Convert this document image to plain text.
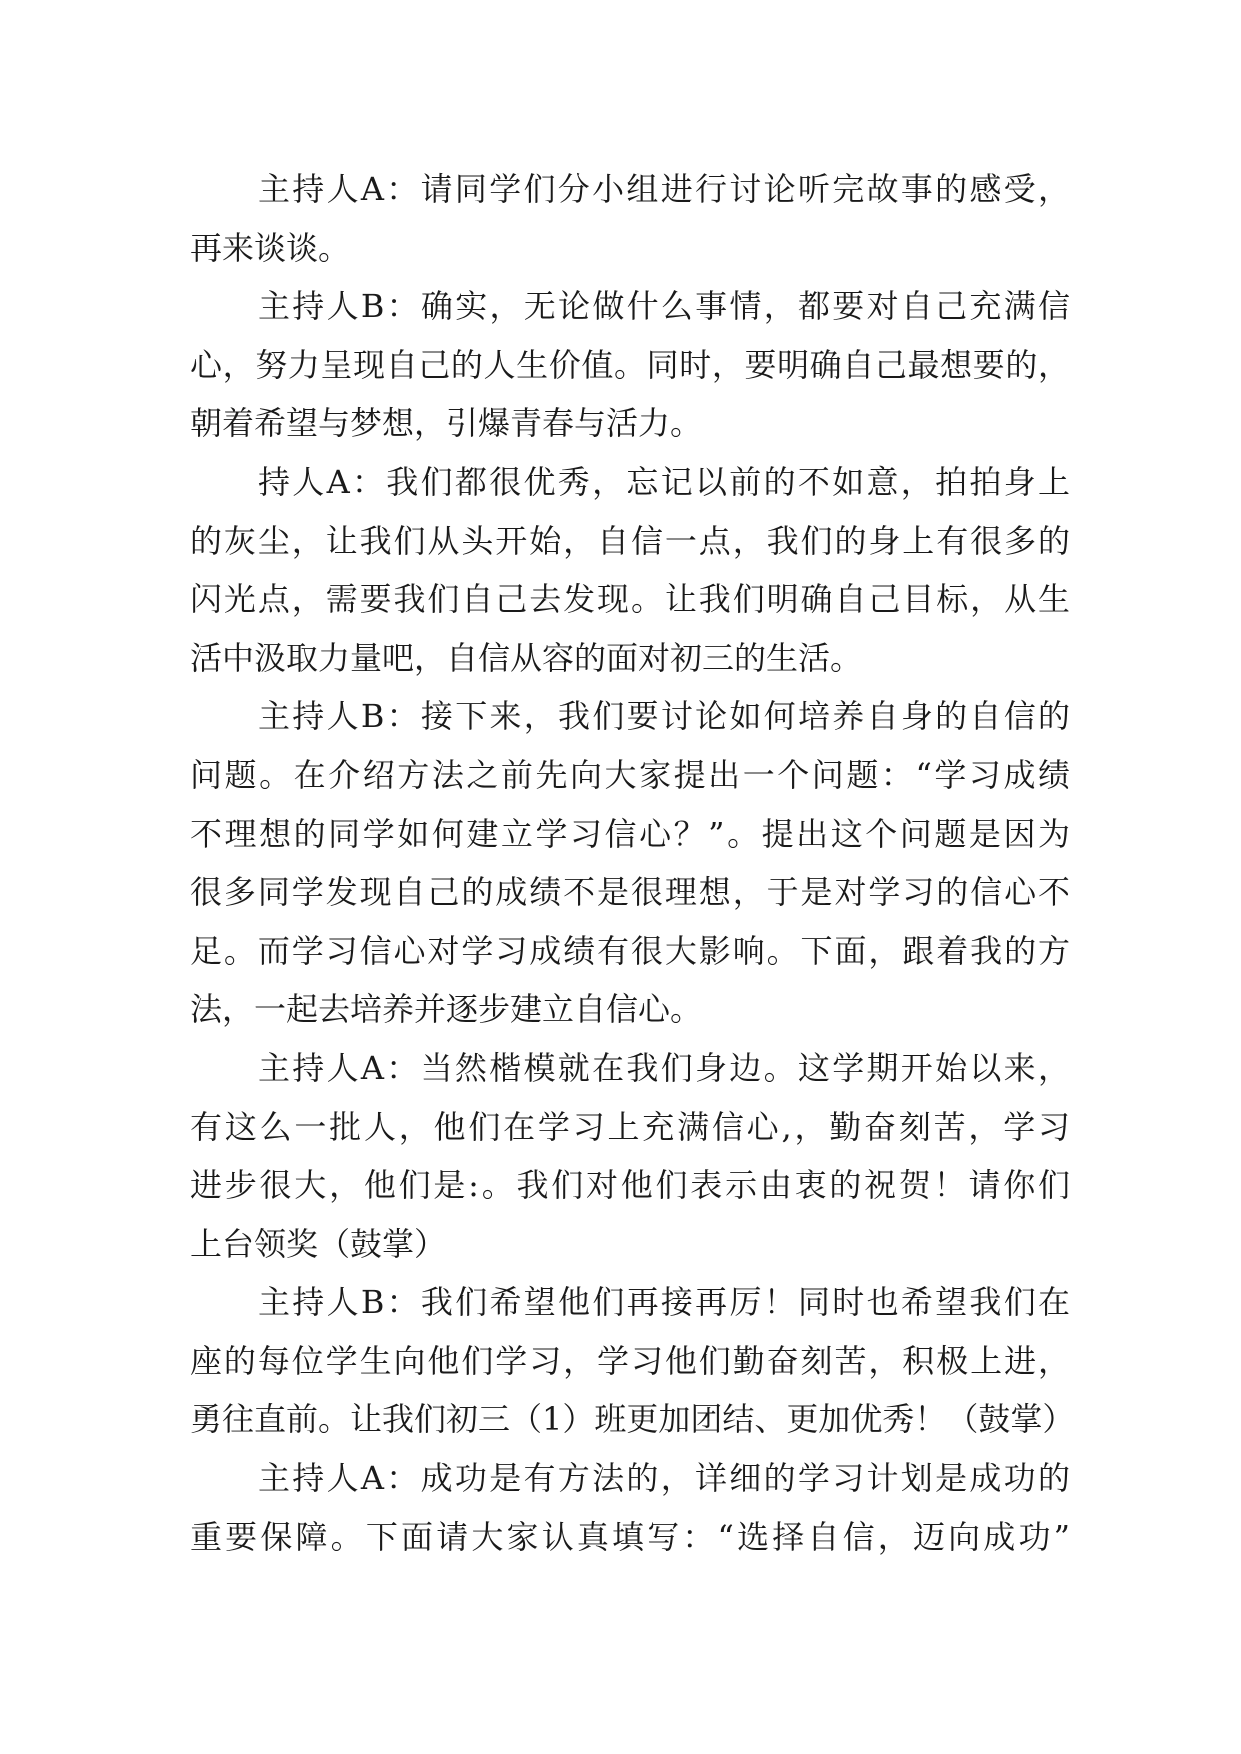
主持人A：请同学们分小组进行讨论听完故事的感受，
再来谈谈。
主持人B：确实，无论做什么事情，都要对自己充满信
心，努力呈现自己的人生价值。同时，要明确自己最想要的，
朝着希望与梦想，引爆青春与活力。
持人A：我们都很优秀，忘记以前的不如意，拍拍身上
的灰尘，让我们从头开始，自信一点，我们的身上有很多的
闪光点，需要我们自己去发现。让我们明确自己目标，从生
活中汲取力量吧，自信从容的面对初三的生活。
主持人B：接下来，我们要讨论如何培养自身的自信的
问题。在介绍方法之前先向大家提出一个问题：“学习成绩
不理想的同学如何建立学习信心？”。提出这个问题是因为
很多同学发现自己的成绩不是很理想，于是对学习的信心不
足。而学习信心对学习成绩有很大影响。下面，跟着我的方
法，一起去培养并逐步建立自信心。
主持人A：当然楷模就在我们身边。这学期开始以来，
有这么一批人，他们在学习上充满信心,，勤奋刻苦，学习
进步很大，他们是:。我们对他们表示由衷的祝贺！请你们
上台领奖（鼓掌）
主持人B：我们希望他们再接再厉！同时也希望我们在
座的每位学生向他们学习，学习他们勤奋刻苦，积极上进，
勇往直前。让我们初三（1）班更加团结、更加优秀！（鼓掌）
主持人A：成功是有方法的，详细的学习计划是成功的
重要保障。下面请大家认真填写：“选择自信，迈向成功”
